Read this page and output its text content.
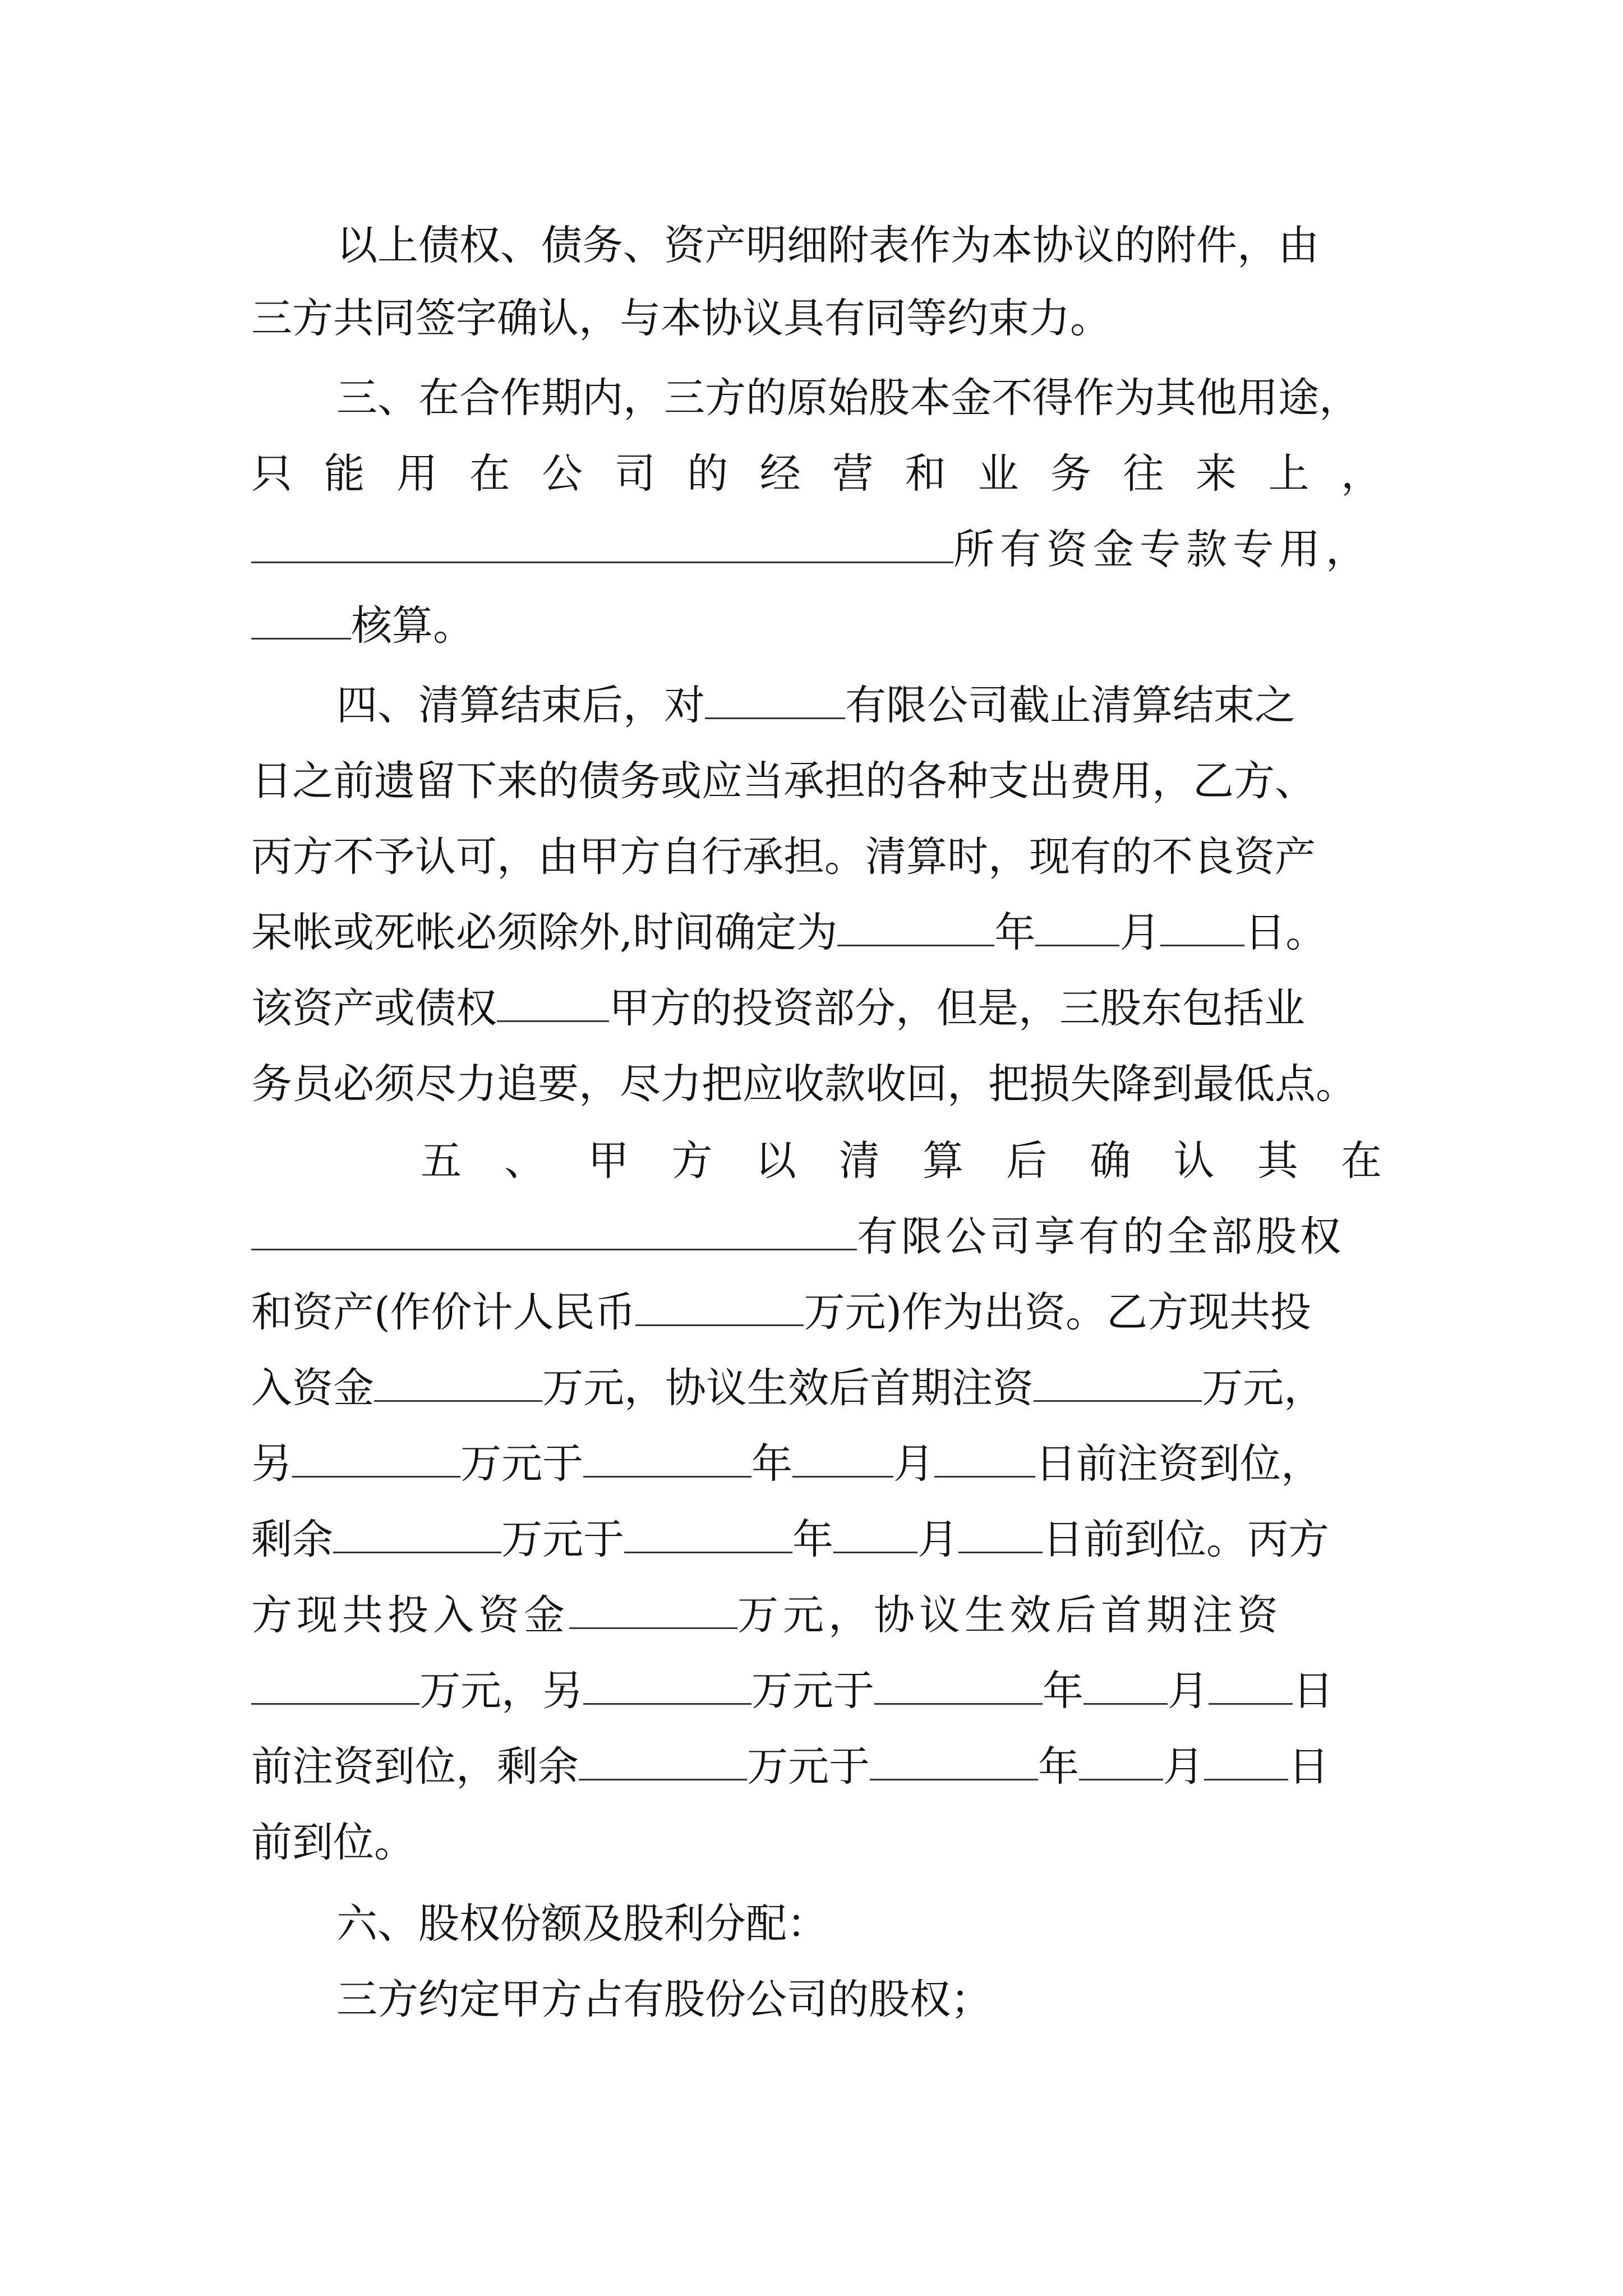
以上债权、债务、资产明细附表作为本协议的附件，由
三方共同签字确认，与本协议具有同等约束力。
三、在合作期内，三方的原始股本金不得作为其他用途，
只 能 用 在 公 司 的 经 营 和 业 务 往 来 上 ，
所有资金专款专用，
核算。
四、清算结束后，对	有限公司截止清算结束之
日之前遗留下来的债务或应当承担的各种支出费用，乙方、
丙方不予认可，由甲方自行承担。清算时，现有的不良资产
呆帐或死帐必须除外,时间确定为	年 月 日。
该资产或债权	甲方的投资部分，但是，三股东包括业
务员必须尽力追要，尽力把应收款收回，把损失降到最低点。
五 、 甲 方 以 清 算 后 确 认 其 在
有限公司享有的全部股权
和资产(作价计人民币	万元)作为出资。乙方现共投
入资金	万元，协议生效后首期注资	万元，
另	万元于	年 月 日前注资到位，
剩余	万元于	年 月 日前到位。丙方
方现共投入资金	万元，协议生效后首期注资
万元，另	万元于	年 月 日
前注资到位，剩余	万元于	年 月 日
前到位。
六、股权份额及股利分配：
三方约定甲方占有股份公司的股权；
